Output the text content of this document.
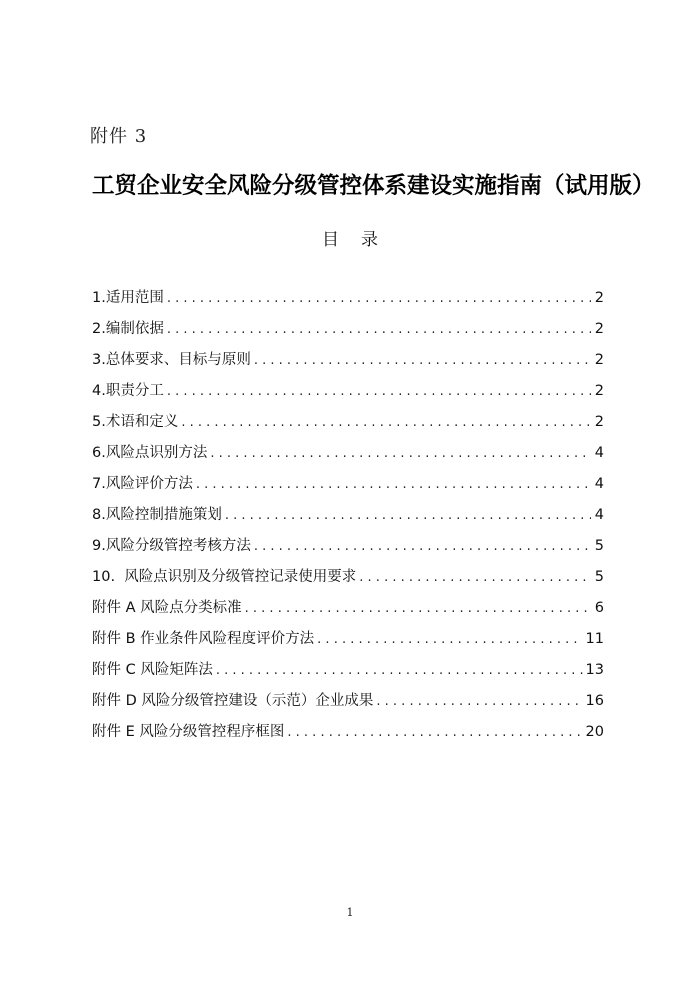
附件 3
工贸企业安全风险分级管控体系建设实施指南（试用版）
目录
1.适用范围 . . .	2
2.编制依据 . . .	2
3.总体要求、目标与原则 . . .	2
4.职责分工 . . .	2
5.术语和定义 . . .	2
6.风险点识别方法 . . .	4
7.风险评价方法 . . .	4
8.风险控制措施策划 . . .	4
9.风险分级管控考核方法 . . .	5
10.  风险点识别及分级管控记录使用要求 . . .	5
附件 A 风险点分类标准 . . .	6
附件 B 作业条件风险程度评价方法 . . .	11
附件 C 风险矩阵法 . . .	13
附件 D 风险分级管控建设（示范）企业成果 . . .	16
附件 E 风险分级管控程序框图 . . .	20
1
